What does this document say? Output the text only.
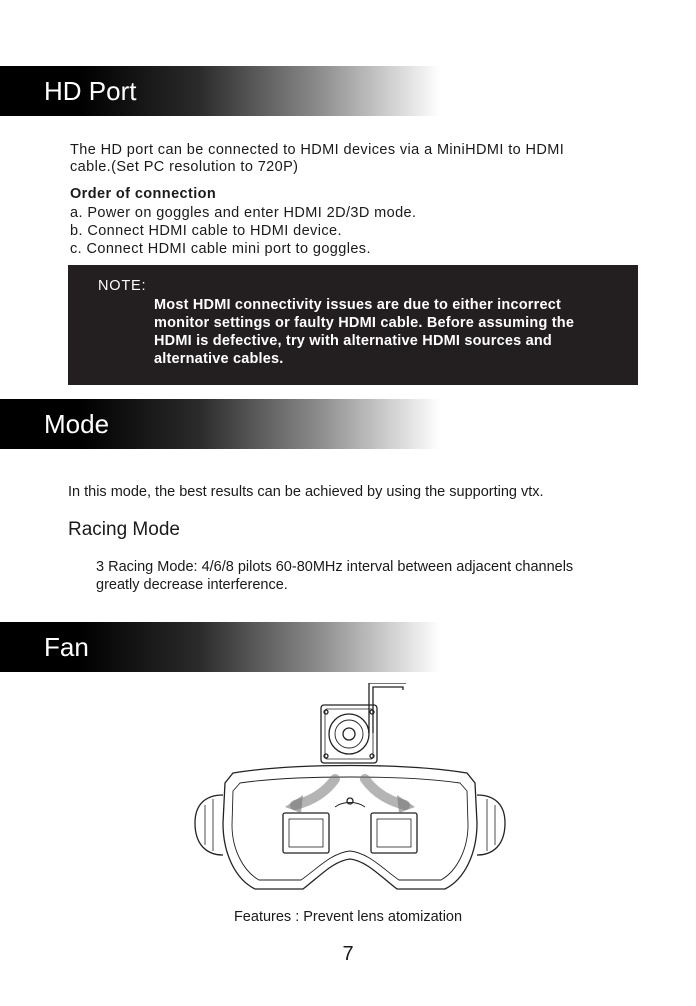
HD Port
The HD port can be connected to HDMI devices via a MiniHDMI to HDMI
cable.(Set PC resolution to 720P)
Order of connection
a. Power on goggles and enter HDMI 2D/3D mode.
b. Connect HDMI cable to HDMI device.
c. Connect HDMI cable mini port to goggles.
NOTE:
Most HDMI connectivity issues are due to either incorrect
monitor settings or faulty HDMI cable. Before assuming the
HDMI is defective, try with alternative HDMI sources and
alternative cables.
Mode
In this mode, the best results can be achieved by using the supporting vtx.
Racing Mode
3 Racing Mode: 4/6/8 pilots 60-80MHz interval between adjacent channels
greatly decrease interference.
Fan
Features : Prevent lens atomization
7
